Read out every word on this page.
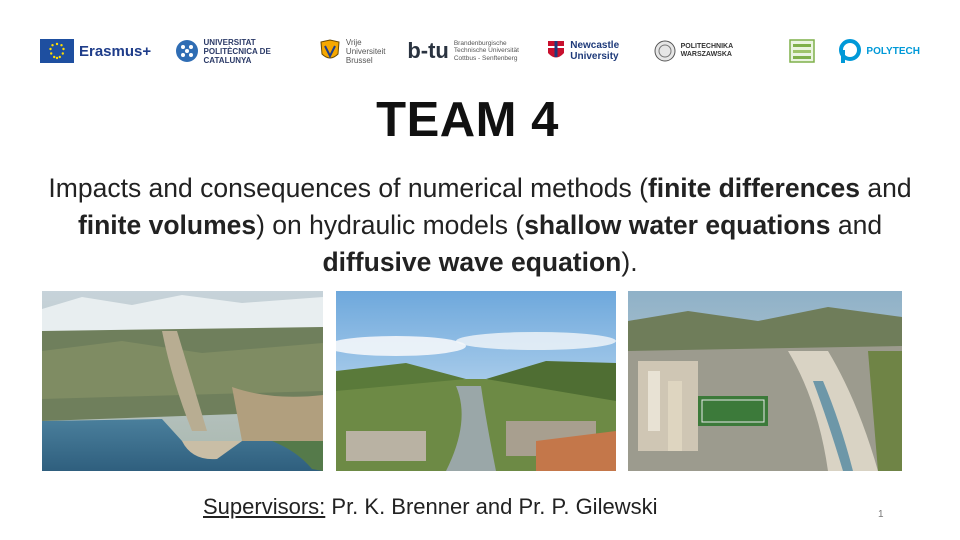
Erasmus+
UNIVERSITAT POLITÈCNICA DE CATALUNYA
Vrije Universiteit Brussel	b-tu Brandenburgische Technische Universität Cottbus - Senftenberg
Newcastle University
POLITECHNIKA WARSZAWSKA	POLYTECH
TEAM 4
Impacts and consequences of numerical methods (finite differences and finite volumes) on hydraulic models (shallow water equations and diffusive wave equation).
Supervisors: Pr. K. Brenner and Pr. P. Gilewski	1
